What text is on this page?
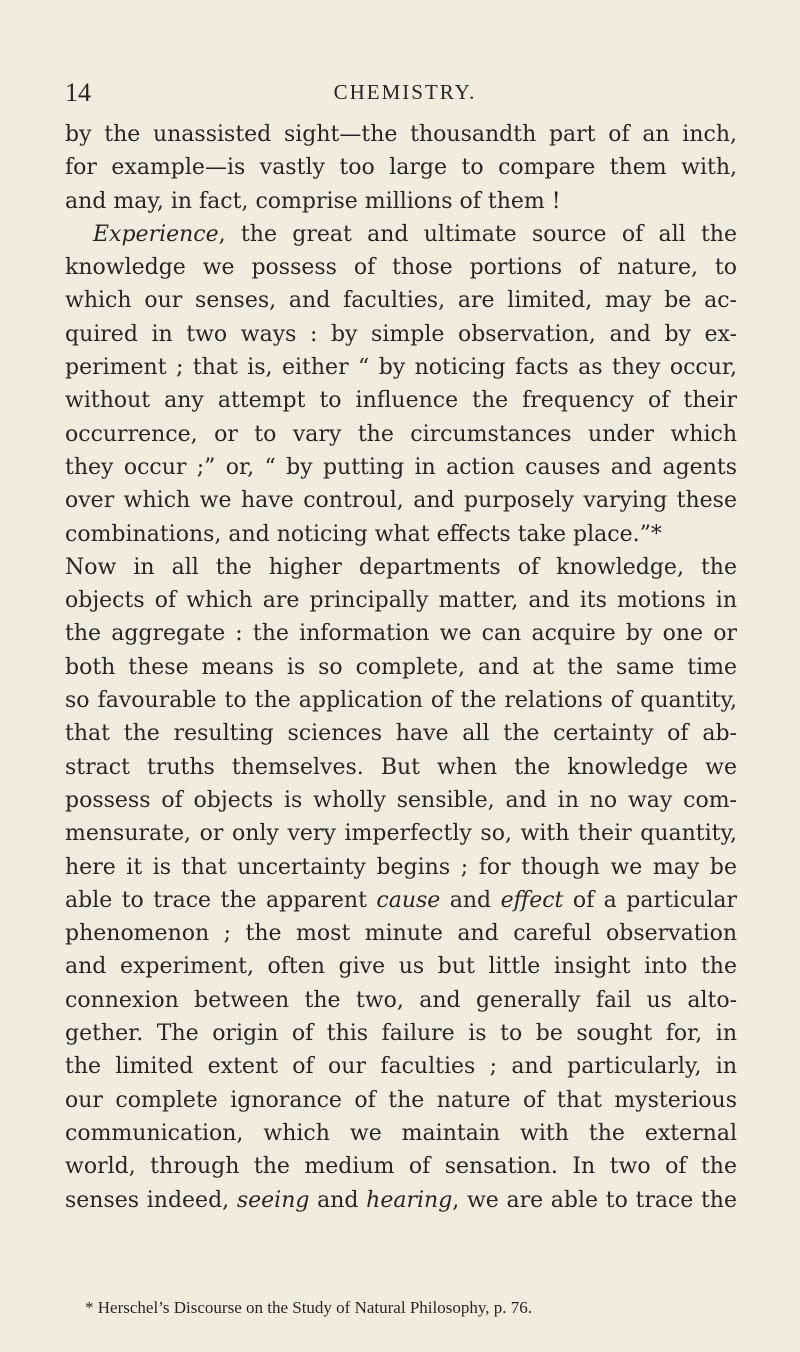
14	CHEMISTRY.
by the unassisted sight—the thousandth part of an inch,
for example—is vastly too large to compare them with,
and may, in fact, comprise millions of them !
Experience, the great and ultimate source of all the
knowledge we possess of those portions of nature, to
which our senses, and faculties, are limited, may be ac-
quired in two ways : by simple observation, and by ex-
periment ; that is, either “ by noticing facts as they occur,
without any attempt to influence the frequency of their
occurrence, or to vary the circumstances under which
they occur ;” or, “ by putting in action causes and agents
over which we have controul, and purposely varying these
combinations, and noticing what effects take place.”*
Now in all the higher departments of knowledge, the
objects of which are principally matter, and its motions in
the aggregate : the information we can acquire by one or
both these means is so complete, and at the same time
so favourable to the application of the relations of quantity,
that the resulting sciences have all the certainty of ab-
stract truths themselves. But when the knowledge we
possess of objects is wholly sensible, and in no way com-
mensurate, or only very imperfectly so, with their quantity,
here it is that uncertainty begins ; for though we may be
able to trace the apparent cause and effect of a particular
phenomenon ; the most minute and careful observation
and experiment, often give us but little insight into the
connexion between the two, and generally fail us alto-
gether. The origin of this failure is to be sought for, in
the limited extent of our faculties ; and particularly, in
our complete ignorance of the nature of that mysterious
communication, which we maintain with the external
world, through the medium of sensation. In two of the
senses indeed, seeing and hearing, we are able to trace the
* Herschel’s Discourse on the Study of Natural Philosophy, p. 76.
